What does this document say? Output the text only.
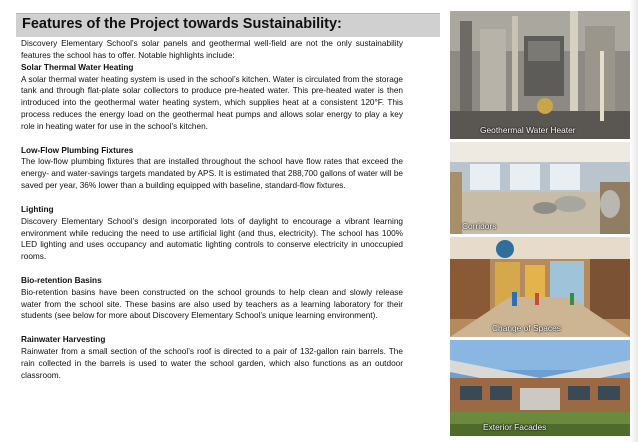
Features of the Project towards Sustainability:

Discovery Elementary School’s solar panels and geothermal well-field are not the only sustainability features the school has to offer. Notable highlights include:

Solar Thermal Water Heating

A solar thermal water heating system is used in the school’s kitchen. Water is circulated from the storage tank and through flat-plate solar collectors to produce pre-heated water. This pre-heated water is then introduced into the geothermal water heating system, which supplies heat at a consistent 120°F. This process reduces the energy load on the geothermal heat pumps and allows solar energy to play a key role in heating water for use in the school’s kitchen.

Low-Flow Plumbing Fixtures

The low-flow plumbing fixtures that are installed throughout the school have flow rates that exceed the energy- and water-savings targets mandated by APS. It is estimated that 288,700 gallons of water will be saved per year, 36% lower than a building equipped with baseline, standard-flow fixtures.

Lighting

Discovery Elementary School’s design incorporated lots of daylight to encourage a vibrant learning environment while reducing the need to use artificial light (and thus, electricity). The school has 100% LED lighting and uses occupancy and automatic lighting controls to conserve electricity in unoccupied rooms.

Bio-retention Basins

Bio-retention basins have been constructed on the school grounds to help clean and slowly release water from the school site. These basins are also used by teachers as a learning laboratory for their students (see below for more about Discovery Elementary School’s unique learning environment).

Rainwater Harvesting

Rainwater from a small section of the school’s roof is directed to a pair of 132-gallon rain barrels. The rain collected in the barrels is used to water the school garden, which also functions as an outdoor classroom.

Geothermal Water Heater
Corridors
Change of Spaces
Exterior Facades
